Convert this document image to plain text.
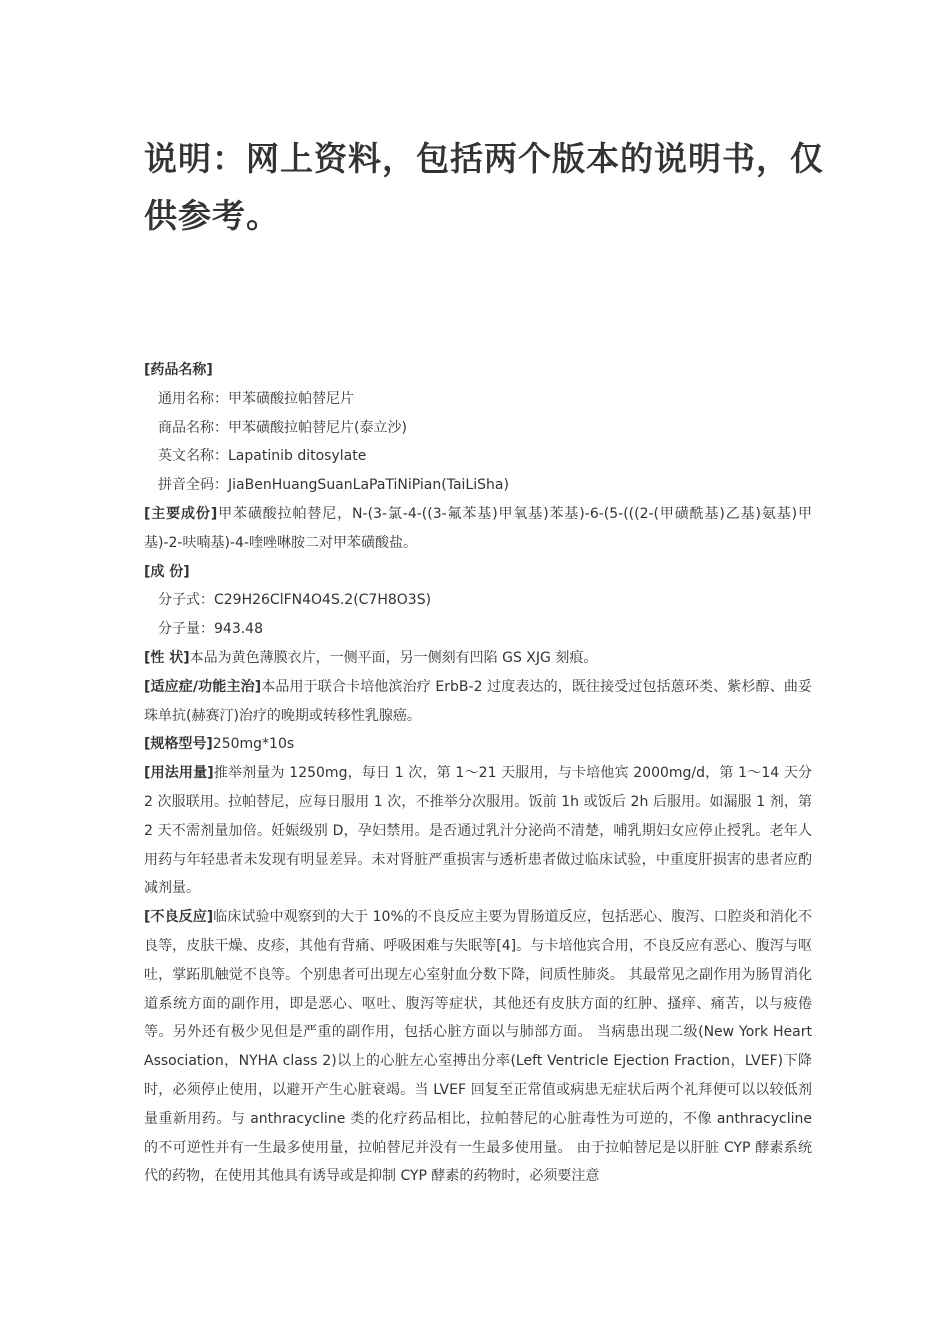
说明：网上资料，包括两个版本的说明书，仅供参考。

[药品名称]

通用名称：甲苯磺酸拉帕替尼片

商品名称：甲苯磺酸拉帕替尼片(泰立沙)

英文名称：Lapatinib ditosylate

拼音全码：JiaBenHuangSuanLaPaTiNiPian(TaiLiSha)

[主要成份]甲苯磺酸拉帕替尼，N-(3-氯-4-((3-氟苯基)甲氧基)苯基)-6-(5-(((2-(甲磺酰基)乙基)氨基)甲基)-2-呋喃基)-4-喹唑啉胺二对甲苯磺酸盐。

[成 份]

分子式：C29H26ClFN4O4S.2(C7H8O3S)

分子量：943.48

[性 状]本品为黄色薄膜衣片，一侧平面，另一侧刻有凹陷 GS XJG 刻痕。

[适应症/功能主治]本品用于联合卡培他滨治疗 ErbB-2 过度表达的，既往接受过包括蒽环类、紫杉醇、曲妥珠单抗(赫赛汀)治疗的晚期或转移性乳腺癌。

[规格型号]250mg*10s

[用法用量]推举剂量为 1250mg，每日 1 次，第 1～21 天服用，与卡培他宾 2000mg/d，第 1～14 天分 2 次服联用。拉帕替尼，应每日服用 1 次，不推举分次服用。饭前 1h 或饭后 2h 后服用。如漏服 1 剂，第 2 天不需剂量加倍。妊娠级别 D，孕妇禁用。是否通过乳汁分泌尚不清楚，哺乳期妇女应停止授乳。老年人用药与年轻患者未发现有明显差异。未对肾脏严重损害与透析患者做过临床试验，中重度肝损害的患者应酌减剂量。

[不良反应]临床试验中观察到的大于 10%的不良反应主要为胃肠道反应，包括恶心、腹泻、口腔炎和消化不良等，皮肤干燥、皮疹，其他有背痛、呼吸困难与失眠等[4]。与卡培他宾合用，不良反应有恶心、腹泻与呕吐，掌跖肌触觉不良等。个别患者可出现左心室射血分数下降，间质性肺炎。 其最常见之副作用为肠胃消化道系统方面的副作用，即是恶心、呕吐、腹泻等症状，其他还有皮肤方面的红肿、搔痒、痛苦，以与疲倦等。另外还有极少见但是严重的副作用，包括心脏方面以与肺部方面。 当病患出现二级(New York Heart Association，NYHA class 2)以上的心脏左心室搏出分率(Left Ventricle Ejection Fraction，LVEF)下降时，必须停止使用，以避开产生心脏衰竭。当 LVEF 回复至正常值或病患无症状后两个礼拜便可以以较低剂量重新用药。与 anthracycline 类的化疗药品相比，拉帕替尼的心脏毒性为可逆的，不像 anthracycline 的不可逆性并有一生最多使用量，拉帕替尼并没有一生最多使用量。 由于拉帕替尼是以肝脏 CYP 酵素系统代的药物，在使用其他具有诱导或是抑制 CYP 酵素的药物时，必须要注意
